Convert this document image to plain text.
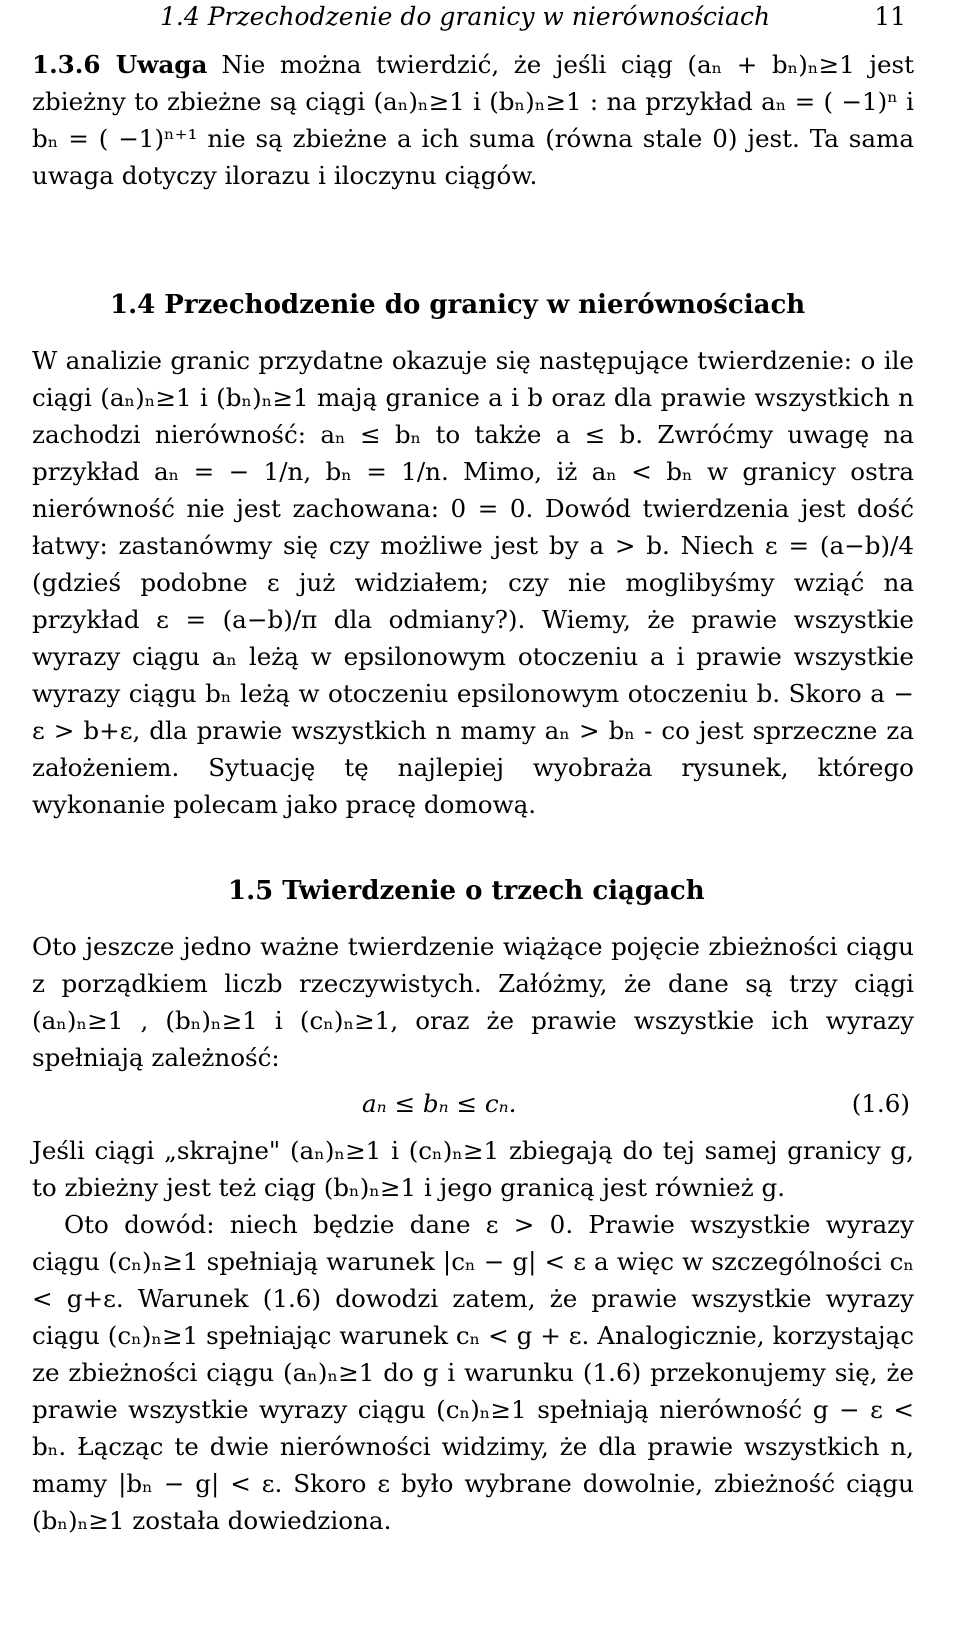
1.4 Przechodzenie do granicy w nierównościach	11

1.3.6 Uwaga Nie można twierdzić, że jeśli ciąg (aₙ + bₙ)ₙ≥1 jest zbieżny to zbieżne są ciągi (aₙ)ₙ≥1 i (bₙ)ₙ≥1 : na przykład aₙ = ( −1)ⁿ i bₙ = ( −1)ⁿ⁺¹ nie są zbieżne a ich suma (równa stale 0) jest. Ta sama uwaga dotyczy ilorazu i iloczynu ciągów.

1.4 Przechodzenie do granicy w nierównościach

W analizie granic przydatne okazuje się następujące twierdzenie: o ile ciągi (aₙ)ₙ≥1 i (bₙ)ₙ≥1 mają granice a i b oraz dla prawie wszystkich n zachodzi nierówność: aₙ ≤ bₙ to także a ≤ b. Zwróćmy uwagę na przykład aₙ = − 1/n, bₙ = 1/n. Mimo, iż aₙ < bₙ w granicy ostra nierówność nie jest zachowana: 0 = 0. Dowód twierdzenia jest dość łatwy: zastanówmy się czy możliwe jest by a > b. Niech ε = (a−b)/4 (gdzieś podobne ε już widziałem; czy nie moglibyśmy wziąć na przykład ε = (a−b)/π dla odmiany?). Wiemy, że prawie wszystkie wyrazy ciągu aₙ leżą w epsilonowym otoczeniu a i prawie wszystkie wyrazy ciągu bₙ leżą w otoczeniu epsilonowym otoczeniu b. Skoro a − ε > b+ε, dla prawie wszystkich n mamy aₙ > bₙ - co jest sprzeczne za założeniem. Sytuację tę najlepiej wyobraża rysunek, którego wykonanie polecam jako pracę domową.

1.5 Twierdzenie o trzech ciągach

Oto jeszcze jedno ważne twierdzenie wiążące pojęcie zbieżności ciągu z porządkiem liczb rzeczywistych. Załóżmy, że dane są trzy ciągi (aₙ)ₙ≥1 , (bₙ)ₙ≥1 i (cₙ)ₙ≥1, oraz że prawie wszystkie ich wyrazy spełniają zależność:

aₙ ≤ bₙ ≤ cₙ.	(1.6)

Jeśli ciągi „skrajne" (aₙ)ₙ≥1 i (cₙ)ₙ≥1 zbiegają do tej samej granicy g, to zbieżny jest też ciąg (bₙ)ₙ≥1 i jego granicą jest również g.

Oto dowód: niech będzie dane ε > 0. Prawie wszystkie wyrazy ciągu (cₙ)ₙ≥1 spełniają warunek |cₙ − g| < ε a więc w szczególności cₙ < g+ε. Warunek (1.6) dowodzi zatem, że prawie wszystkie wyrazy ciągu (cₙ)ₙ≥1 spełniając warunek cₙ < g + ε. Analogicznie, korzystając ze zbieżności ciągu (aₙ)ₙ≥1 do g i warunku (1.6) przekonujemy się, że prawie wszystkie wyrazy ciągu (cₙ)ₙ≥1 spełniają nierówność g − ε < bₙ. Łącząc te dwie nierówności widzimy, że dla prawie wszystkich n, mamy |bₙ − g| < ε. Skoro ε było wybrane dowolnie, zbieżność ciągu (bₙ)ₙ≥1 została dowiedziona.
